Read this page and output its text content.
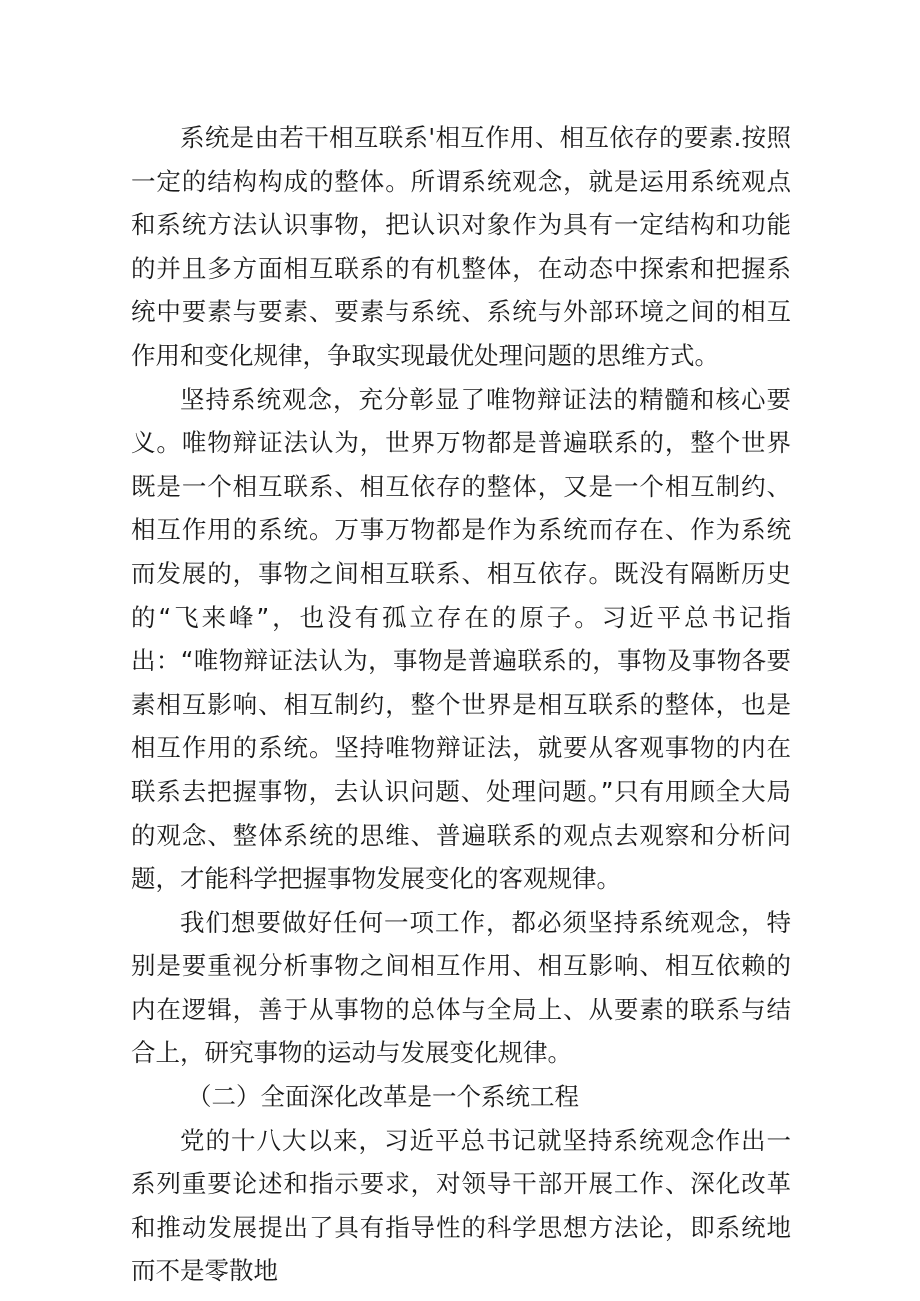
系统是由若干相互联系'相互作用、相互依存的要素.按照一定的结构构成的整体。所谓系统观念，就是运用系统观点和系统方法认识事物，把认识对象作为具有一定结构和功能的并且多方面相互联系的有机整体，在动态中探索和把握系统中要素与要素、要素与系统、系统与外部环境之间的相互作用和变化规律，争取实现最优处理问题的思维方式。

坚持系统观念，充分彰显了唯物辩证法的精髓和核心要义。唯物辩证法认为，世界万物都是普遍联系的，整个世界既是一个相互联系、相互依存的整体，又是一个相互制约、相互作用的系统。万事万物都是作为系统而存在、作为系统而发展的，事物之间相互联系、相互依存。既没有隔断历史的“飞来峰”，也没有孤立存在的原子。习近平总书记指出：“唯物辩证法认为，事物是普遍联系的，事物及事物各要素相互影响、相互制约，整个世界是相互联系的整体，也是相互作用的系统。坚持唯物辩证法，就要从客观事物的内在联系去把握事物，去认识问题、处理问题。”只有用顾全大局的观念、整体系统的思维、普遍联系的观点去观察和分析问题，才能科学把握事物发展变化的客观规律。

我们想要做好任何一项工作，都必须坚持系统观念，特别是要重视分析事物之间相互作用、相互影响、相互依赖的内在逻辑，善于从事物的总体与全局上、从要素的联系与结合上，研究事物的运动与发展变化规律。

（二）全面深化改革是一个系统工程

党的十八大以来，习近平总书记就坚持系统观念作出一系列重要论述和指示要求，对领导干部开展工作、深化改革和推动发展提出了具有指导性的科学思想方法论，即系统地而不是零散地
